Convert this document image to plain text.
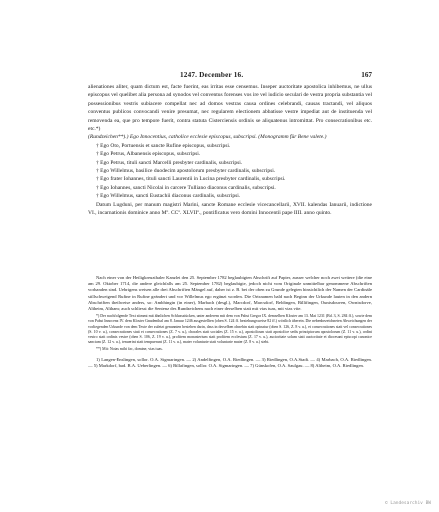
1247. December 16.	167

alienationes aliter, quam dictum est, facte fuerint, eas irritas esse censemus. Inseper auctoritate apostolica inhibemus, ne ullus episcopus vel quelibet alia persona ad synodos vel conventus forenses vos ire vel iudicio seculari de vestra propria substantia vel possessionibus vestris subiacere compellat nec ad domos vestras causa ordines celebrandi, causas tractandi, vel aliquos conventus publicos convocandi venire presumat, nec regularem electionem abbatisse vestre impediat aut de instituenda vel removenda ea, que pro tempore fuerit, contra statuta Cisterciensis ordinis se aliquatenus intromittat. Pro consecrationibus etc. etc.*)

(Rundzeichen**).) Ego Innocentius, catholice ecclesie episcopus, subscripsi. (Monogramm für Bene valete.)

† Ego Oto, Portuensis et sancte Rufine episcopus, subscripsi.

† Ego Petrus, Albanensis episcopus, subscripsi.

† Ego Petrus, tituli sancti Marcelli presbyter cardinalis, subscripsi.

† Ego Willelmus, basilice duodecim apostolorum presbyter cardinalis, subscripsi.

† Ego frater Iohannes, tituli sancti Laurentii in Lucina presbyter cardinalis, subscripsi.

† Ego Iohannes, sancti Nicolai in carcere Tulliano diaconus cardinalis, subscripsi.

† Ego Willelmus, sancti Eustachii diaconus cardinalis, subscripsi.

Datum Lugduni, per manum magistri Marini, sancte Romane ecclesie vicecancellarii, XVII. kalendas Ianuarii, indictione VI., incarnationis dominice anno Mº. CCº. XLVIIº., pontificatus vero domini Innocentii pape IIII. anno quinto.

Nach einer von der Heiligkreuzthaler Kanzlei den 25. September 1782 beglaubigten Abschrift auf Papier, ausser welcher noch zwei weitere (die eine am 29. Oktober 1714, die andere gleichfalls am 25. September 1782) beglaubigte, jedoch nicht vom Originale unmittelbar genommene Abschriften vorhanden sind. Uebrigens weisen alle drei Abschriften Mängel auf, daher ist z. B. bei der oben zu Grunde gelegten hinsichtlich der Namen der Cardinäle stillschweigend Rufine in Rufine geändert und vor Willelmus ego ergänzt worden. Die Ortsnamen bald nach Beginn der Urkunde lauten in den andern Abschriften theilweise anders, so: Ambhingin (in einer), Marbach (desgl.), Marcdorf, Marcsdorf, Beldingen, Billifingen, Ounisdouven, Ownisdorve, Altheim, Altham; auch schliesst die Sentenz des Rundzeichens nach einer derselben statt mit vias tuas, mit vias vite.

*) Der nachfolgende Text stimmt mit ähnlichen Schlussstücken, unter anderem mit dem von Pabst Gregor IX. demselben Kloster am 13. Mai 1231 (Bd. 3, S. 284 ff.), sowie dem von Pabst Innocenz IV. dem Kloster Gnadenthal am 8. Januar 1246 ausgestellten (oben S. 124 ff. beziehungsweise 82 ff.) wörtlich überein. Die nebenbezeichneten Abweichungen der vorliegenden Urkunde von dem Texte der zuletzt genannten bestehen darin, dass in derselben ohnehin statt opinatur (oben S. 126, Z. 8 v. u.), et consecrationes statt vel consecrationes (S. 10 v. u.), consecrationes statt et consecrationes (Z. 7 v. u.), chorales statt sociales (Z. 15 v. u.), apostolicum statt apostolice sedis principiorum apostolorum (Z. 11 v. u.), ordini vestro statt ordinis vestre (oben S. 106, Z. 19 v. u.), profitem monasterium statt profitem ecclesiam (Z. 17 v. u.), auctoritate solum statt auctoritate et diocesani episcopi canonice sanctam (Z. 12 v. u.), tenuerint statt tempuerunt (Z. 11 v. u.), mater voluntarie statt voluntarie mater (Z. 8 v. u.) steht.

**) Mit: Notas mihi fac, domine, vias tuas.

1) Langen-Enslingen, sollor. O.A. Sigmaringen. — 2) Andelfingen, O.A. Riedlingen. — 3) Riedlingen, O.A.Stadt. — 4) Marbach, O.A. Riedlingen. — 5) Markdorf, bad. B.A. Ueberlingen. — 6) Billafingen, sollor. O.A. Sigmaringen. — 7) Günskofen, O.A. Saulgau. — 8) Altheim, O.A. Riedlingen.

© Landesarchiv BW
